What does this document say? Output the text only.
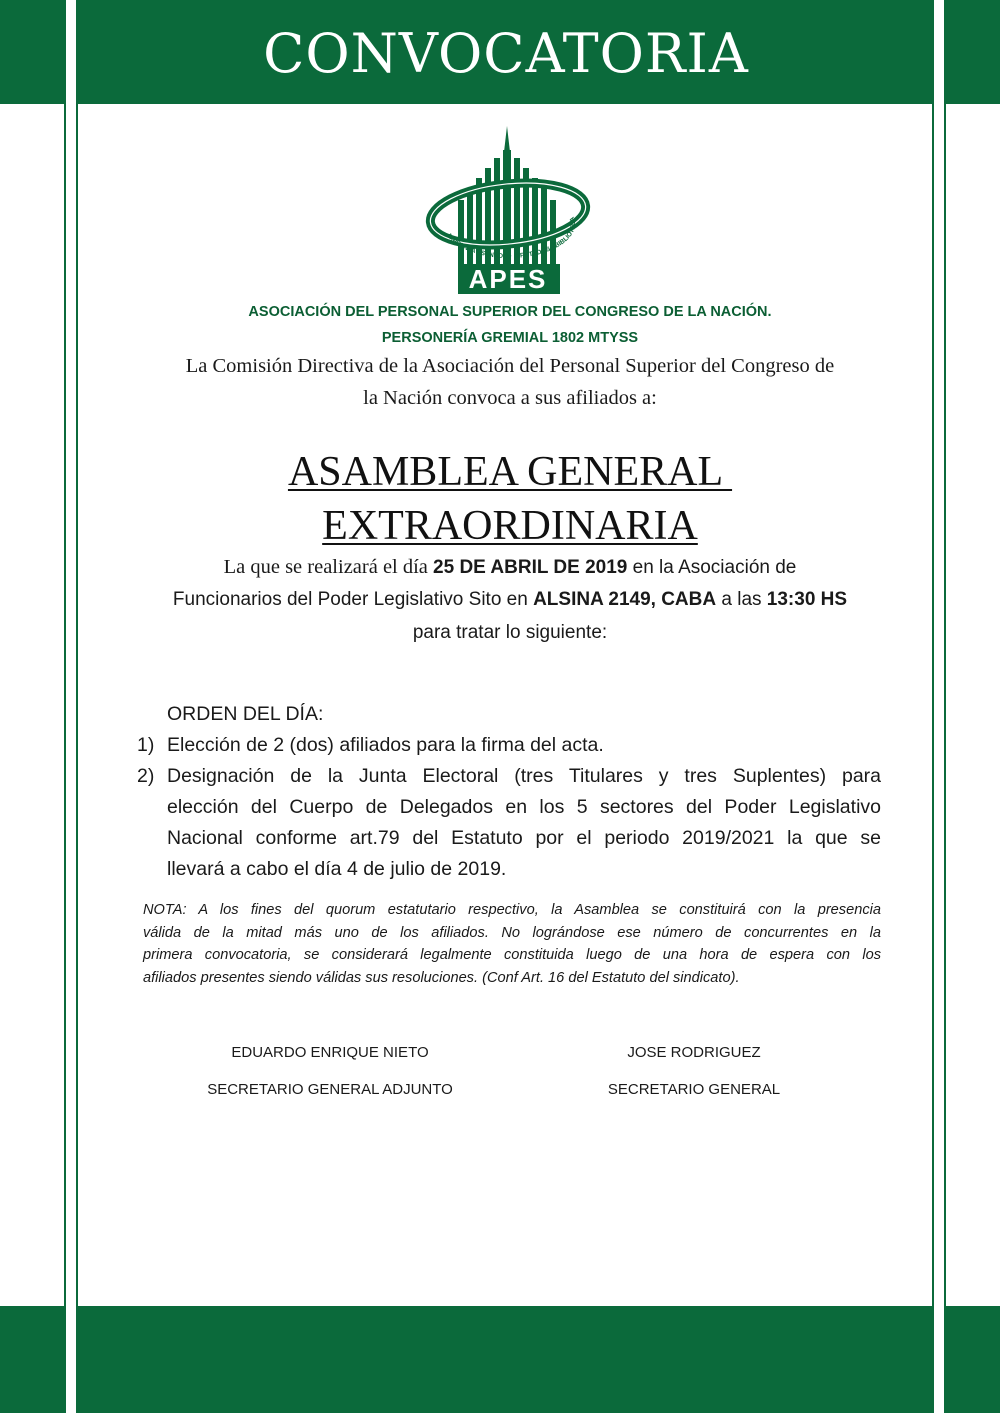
CONVOCATORIA
APES
IMPRENTA · SENADO · DIPUTADOS · BIBLIOTECA
ASOCIACIÓN DEL PERSONAL SUPERIOR DEL CONGRESO DE LA NACIÓN.
PERSONERÍA GREMIAL 1802 MTYSS
La Comisión Directiva de la Asociación del Personal Superior del Congreso de
la Nación convoca a sus afiliados a:
ASAMBLEA GENERAL
EXTRAORDINARIA
La que se realizará el día 25 DE ABRIL DE 2019 en la Asociación de
Funcionarios del Poder Legislativo Sito en ALSINA 2149, CABA a las 13:30 HS
para tratar lo siguiente:
ORDEN DEL DÍA:
1) Elección de 2 (dos) afiliados para la firma del acta.
2) Designación de la Junta Electoral (tres Titulares y tres Suplentes) para
elección del Cuerpo de Delegados en los 5 sectores del Poder Legislativo
Nacional conforme art.79 del Estatuto por el periodo 2019/2021 la que se
llevará a cabo el día 4 de julio de 2019.
NOTA: A los fines del quorum estatutario respectivo, la Asamblea se constituirá con la presencia
válida de la mitad más uno de los afiliados. No lográndose ese número de concurrentes en la
primera convocatoria, se considerará legalmente constituida luego de una hora de espera con los
afiliados presentes siendo válidas sus resoluciones. (Conf Art. 16 del Estatuto del sindicato).
EDUARDO ENRIQUE NIETO
SECRETARIO GENERAL ADJUNTO
JOSE RODRIGUEZ
SECRETARIO GENERAL
